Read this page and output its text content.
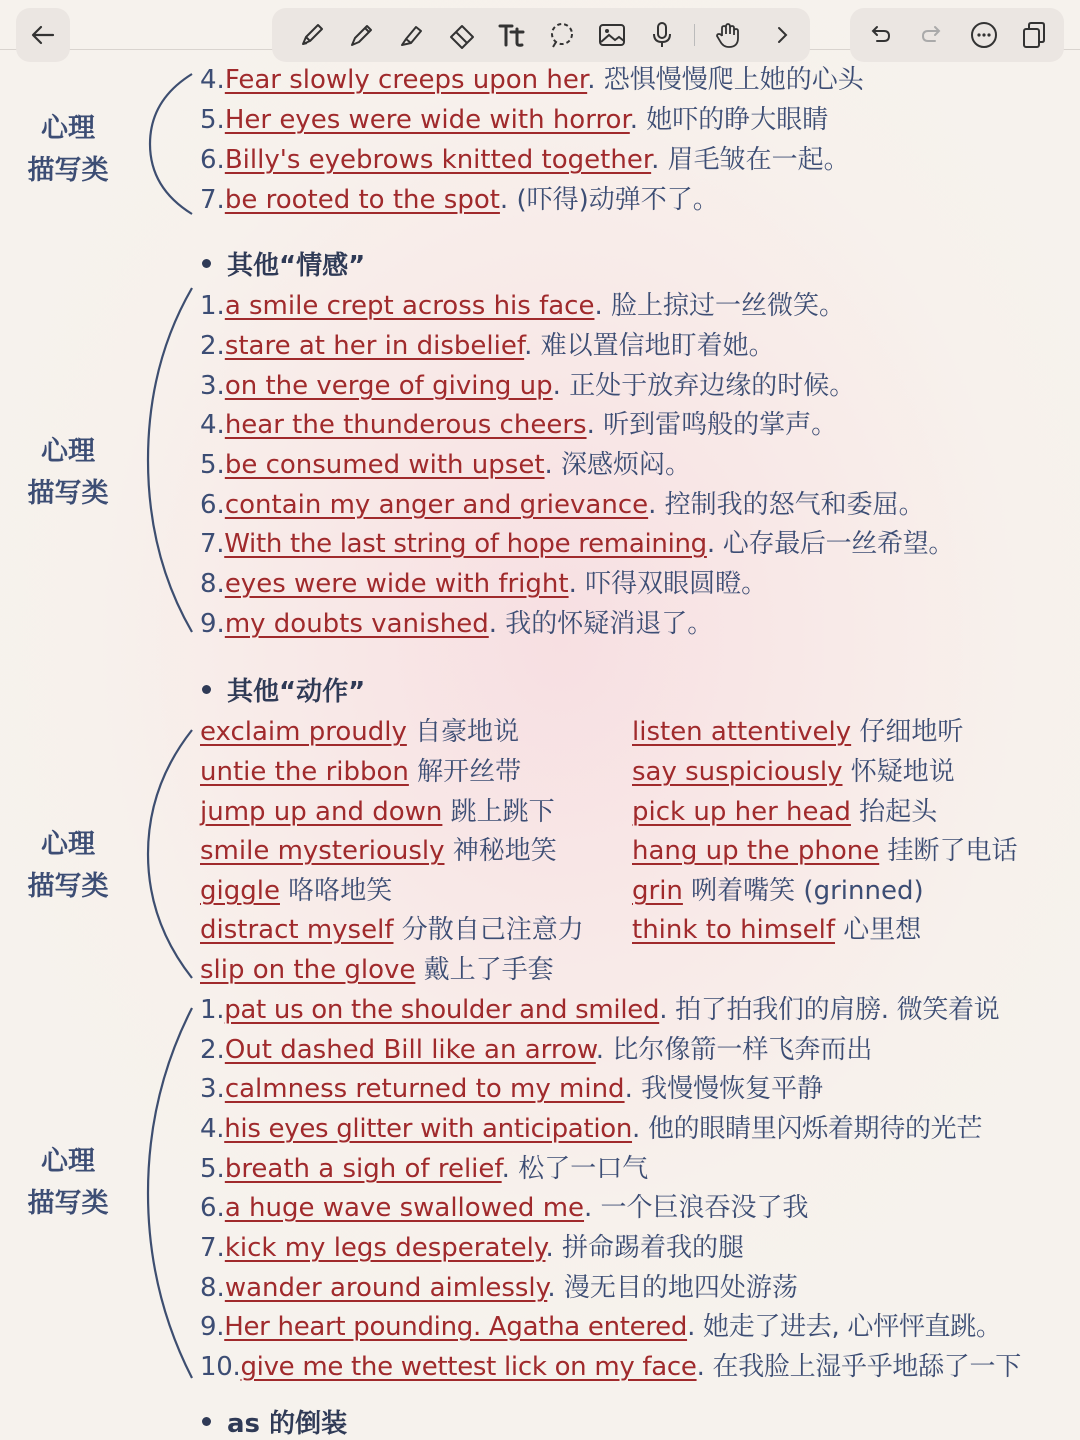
心理
描写类
心理
描写类
心理
描写类
心理
描写类
4.Fear slowly creeps upon her. 恐惧慢慢爬上她的心头
5.Her eyes were wide with horror. 她吓的睁大眼睛
6.Billy's eyebrows knitted together. 眉毛皱在一起。
7.be rooted to the spot. (吓得)动弹不了。
其他“情感”
1.a smile crept across his face. 脸上掠过一丝微笑。
2.stare at her in disbelief. 难以置信地盯着她。
3.on the verge of giving up. 正处于放弃边缘的时候。
4.hear the thunderous cheers. 听到雷鸣般的掌声。
5.be consumed with upset. 深感烦闷。
6.contain my anger and grievance. 控制我的怒气和委屈。
7.With the last string of hope remaining. 心存最后一丝希望。
8.eyes were wide with fright. 吓得双眼圆瞪。
9.my doubts vanished. 我的怀疑消退了。
其他“动作”
exclaim proudly 自豪地说
untie the ribbon 解开丝带
jump up and down 跳上跳下
smile mysteriously 神秘地笑
giggle 咯咯地笑
distract myself 分散自己注意力
slip on the glove 戴上了手套
listen attentively 仔细地听
say suspiciously 怀疑地说
pick up her head 抬起头
hang up the phone 挂断了电话
grin 咧着嘴笑 (grinned)
think to himself 心里想
1.pat us on the shoulder and smiled. 拍了拍我们的肩膀. 微笑着说
2.Out dashed Bill like an arrow. 比尔像箭一样飞奔而出
3.calmness returned to my mind. 我慢慢恢复平静
4.his eyes glitter with anticipation. 他的眼睛里闪烁着期待的光芒
5.breath a sigh of relief. 松了一口气
6.a huge wave swallowed me. 一个巨浪吞没了我
7.kick my legs desperately. 拼命踢着我的腿
8.wander around aimlessly. 漫无目的地四处游荡
9.Her heart pounding. Agatha entered. 她走了进去, 心怦怦直跳。
10.give me the wettest lick on my face. 在我脸上湿乎乎地舔了一下
as 的倒装
